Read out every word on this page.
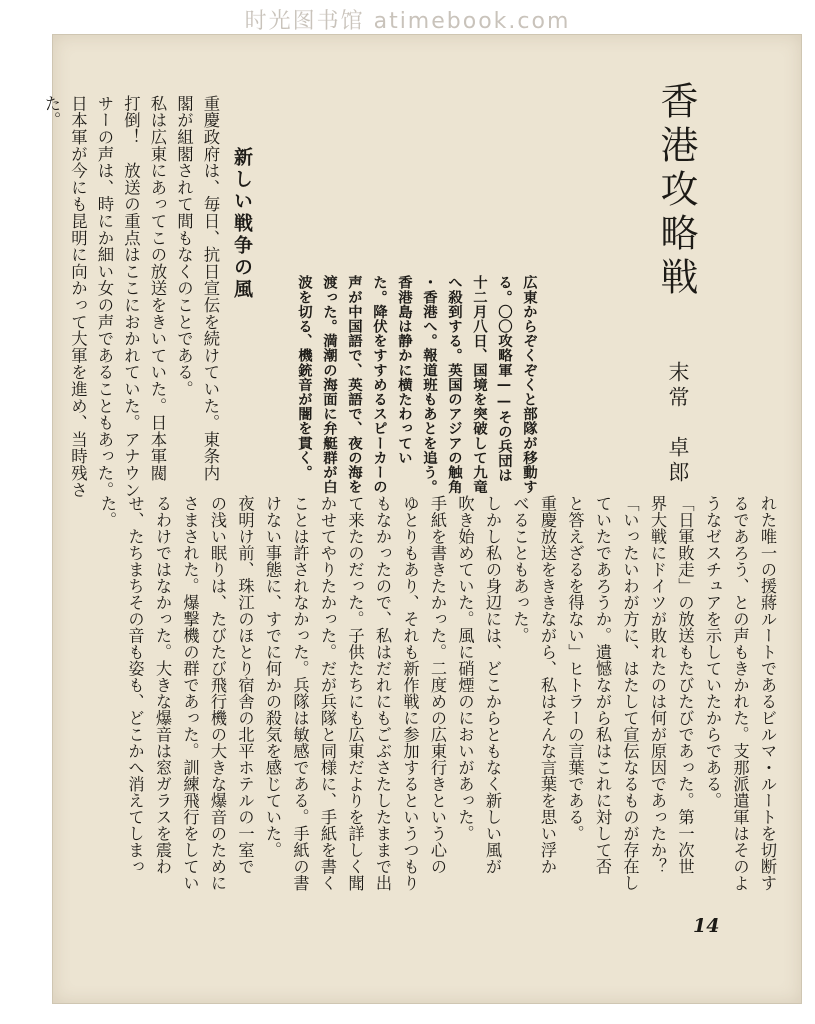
时光图书馆 atimebook.com
香港攻略戦
末常　卓郎
広東からぞくぞくと部隊が移動する。〇〇攻略軍——その兵団は
十二月八日、国境を突破して九竜へ殺到する。英国のアジアの触角
・香港へ。報道班もあとを追う。
香港島は静かに横たわってい
た。降伏をすすめるスピーカーの
声が中国語で、英語で、夜の海を
渡った。満潮の海面に弁艇群が白
波を切る、機銃音が闇を貫く。
新しい戦争の風
重慶政府は、毎日、抗日宣伝を続けていた。東条内
閣が組閣されて間もなくのことである。
私は広東にあってこの放送をきいていた。日本軍閥
打倒！　放送の重点はここにおかれていた。アナウン
サーの声は、時にか細い女の声であることもあった。
日本軍が今にも昆明に向かって大軍を進め、当時残さ
た。
れた唯一の援蔣ルートであるビルマ・ルートを切断す
るであろう、との声もきかれた。支那派遣軍はそのよ
うなゼスチュアを示していたからである。
「日軍敗走」の放送もたびたびであった。第一次世
界大戦にドイツが敗れたのは何が原因であったか？
「いったいわが方に、はたして宣伝なるものが存在し
ていたであろうか。遺憾ながら私はこれに対して否
と答えざるを得ない」ヒトラーの言葉である。
重慶放送をききながら、私はそんな言葉を思い浮か
べることもあった。
しかし私の身辺には、どこからともなく新しい風が
吹き始めていた。風に硝煙のにおいがあった。
手紙を書きたかった。二度めの広東行きという心の
ゆとりもあり、それも新作戦に参加するというつもり
もなかったので、私はだれにもごぶさたしたままで出
て来たのだった。子供たちにも広東だよりを詳しく聞
かせてやりたかった。だが兵隊と同様に、手紙を書く
ことは許されなかった。兵隊は敏感である。手紙の書
けない事態に、すでに何かの殺気を感じていた。
夜明け前、珠江のほとり宿舎の北平ホテルの一室で
の浅い眠りは、たびたび飛行機の大きな爆音のために
さまされた。爆撃機の群であった。訓練飛行をしてい
るわけではなかった。大きな爆音は窓ガラスを震わ
せ、たちまちその音も姿も、どこかへ消えてしまっ
た。
14
